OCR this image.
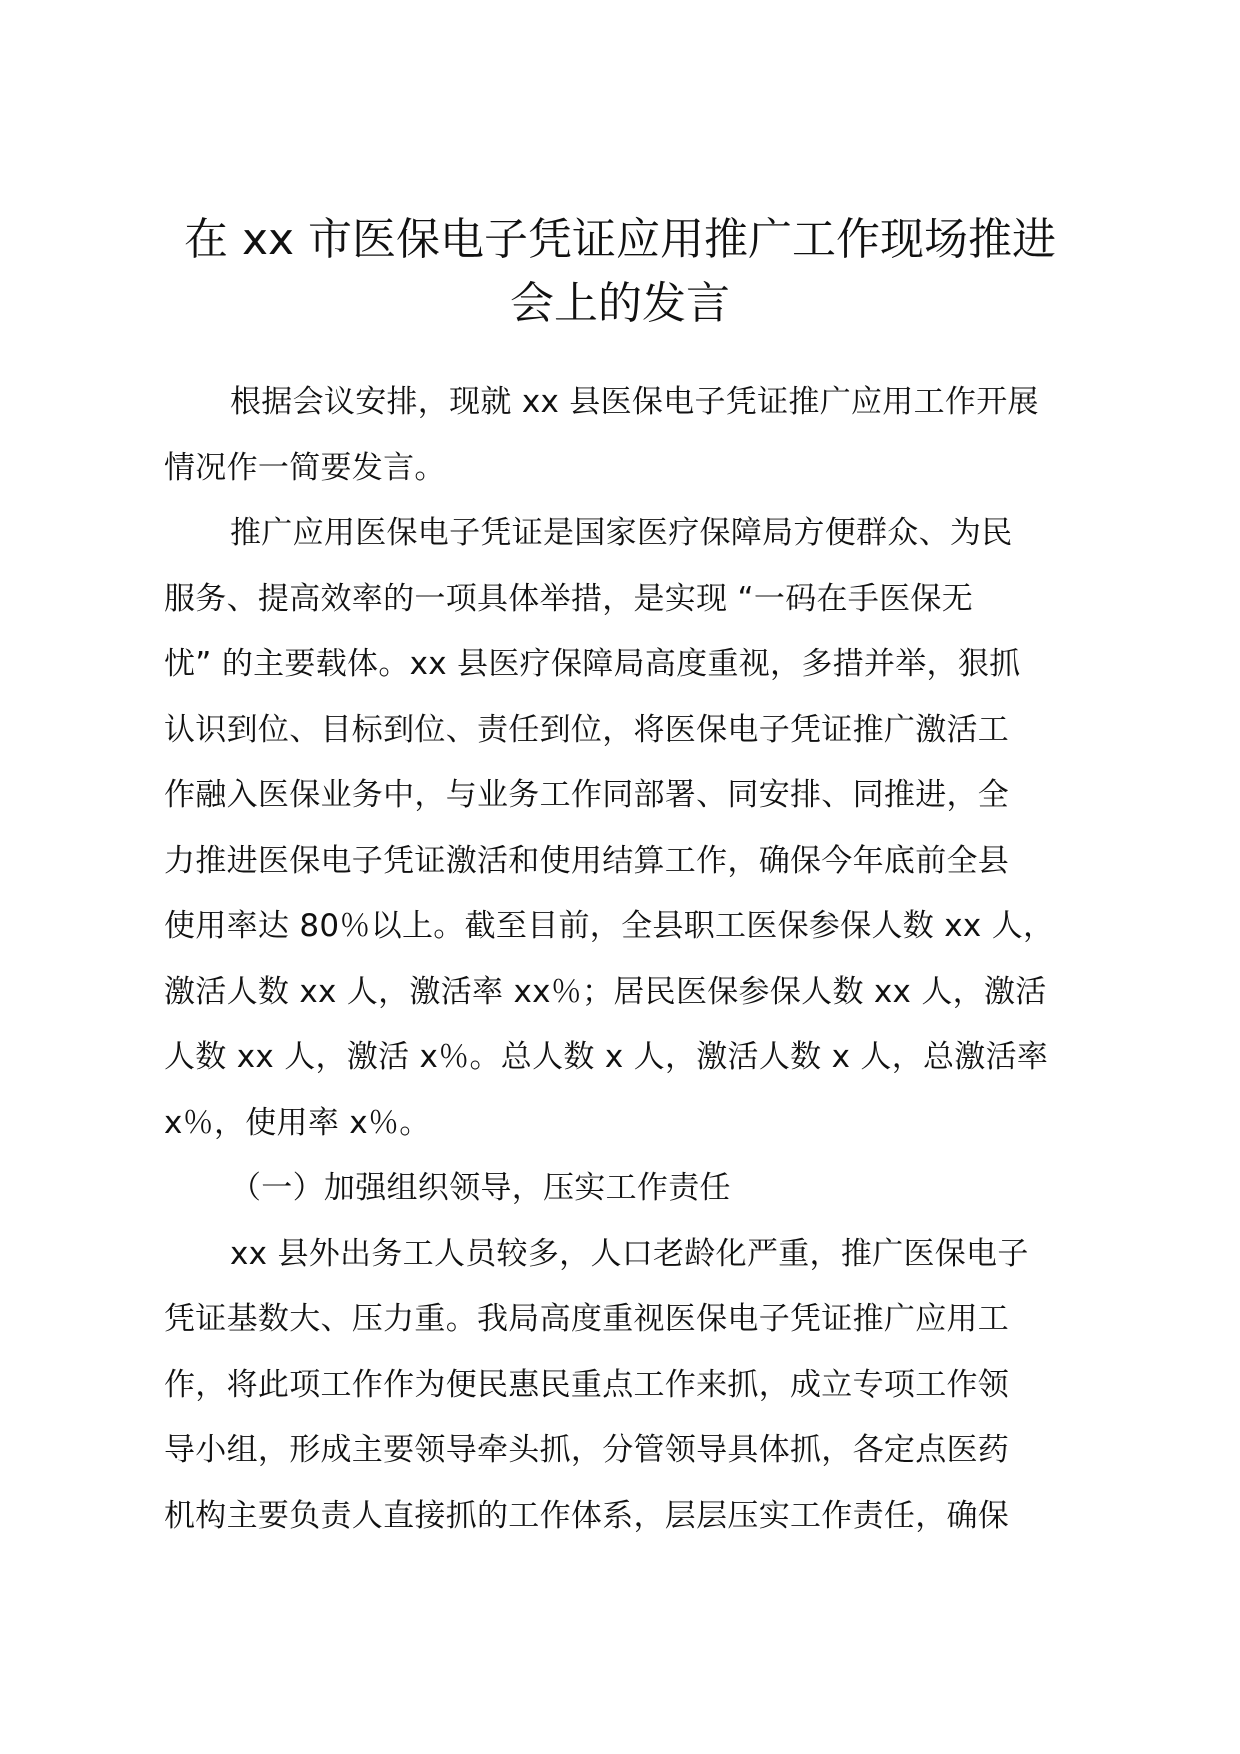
在 xx 市医保电子凭证应用推广工作现场推进
会上的发言
根据会议安排，现就 xx 县医保电子凭证推广应用工作开展
情况作一简要发言。
推广应用医保电子凭证是国家医疗保障局方便群众、为民
服务、提高效率的一项具体举措，是实现 “一码在手医保无
忧” 的主要载体。xx 县医疗保障局高度重视，多措并举，狠抓
认识到位、目标到位、责任到位，将医保电子凭证推广激活工
作融入医保业务中，与业务工作同部署、同安排、同推进，全
力推进医保电子凭证激活和使用结算工作，确保今年底前全县
使用率达 80％以上。截至目前，全县职工医保参保人数 xx 人，
激活人数 xx 人，激活率 xx％；居民医保参保人数 xx 人，激活
人数 xx 人，激活 x％。总人数 x 人，激活人数 x 人，总激活率
x％，使用率 x％。
（一）加强组织领导，压实工作责任
xx 县外出务工人员较多，人口老龄化严重，推广医保电子
凭证基数大、压力重。我局高度重视医保电子凭证推广应用工
作，将此项工作作为便民惠民重点工作来抓，成立专项工作领
导小组，形成主要领导牵头抓，分管领导具体抓，各定点医药
机构主要负责人直接抓的工作体系，层层压实工作责任，确保
